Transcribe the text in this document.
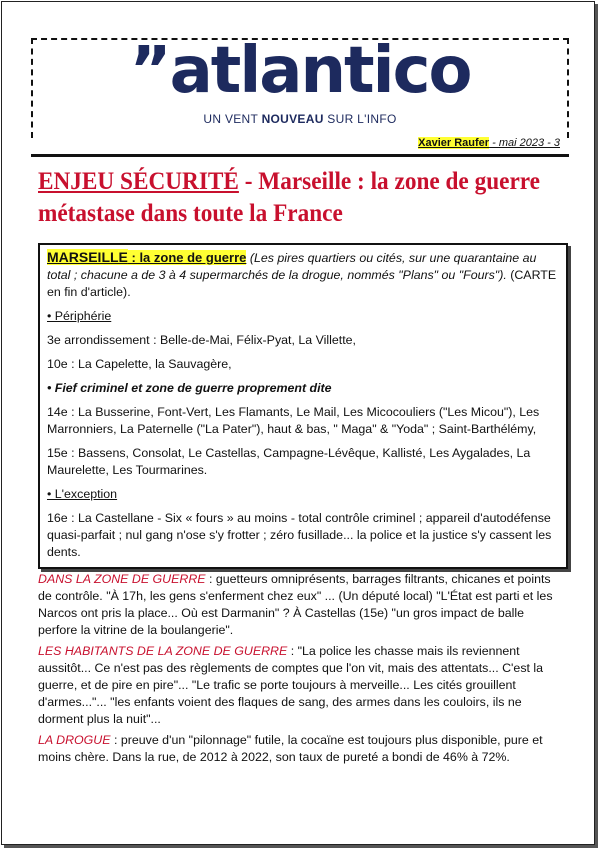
”atlantico
UN VENT NOUVEAU SUR L'INFO
Xavier Raufer - mai 2023 - 3
ENJEU SÉCURITÉ - Marseille : la zone de guerre métastase dans toute la France

MARSEILLE : la zone de guerre (Les pires quartiers ou cités, sur une quarantaine au total ; chacune a de 3 à 4 supermarchés de la drogue, nommés "Plans" ou "Fours"). (CARTE en fin d'article).

• Périphérie

3e arrondissement : Belle-de-Mai, Félix-Pyat, La Villette,

10e : La Capelette, la Sauvagère,

• Fief criminel et zone de guerre proprement dite

14e : La Busserine, Font-Vert, Les Flamants, Le Mail, Les Micocouliers ("Les Micou"), Les Marronniers, La Paternelle ("La Pater"), haut & bas, " Maga" & "Yoda" ; Saint-Barthélémy,

15e : Bassens, Consolat, Le Castellas, Campagne-Lévêque, Kallisté, Les Aygalades, La Maurelette, Les Tourmarines.

• L'exception

16e : La Castellane - Six « fours » au moins - total contrôle criminel ; appareil d'autodéfense quasi-parfait ; nul gang n'ose s'y frotter ; zéro fusillade... la police et la justice s'y cassent les dents.

DANS LA ZONE DE GUERRE : guetteurs omniprésents, barrages filtrants, chicanes et points de contrôle. "À 17h, les gens s'enferment chez eux" ... (Un député local) "L'État est parti et les Narcos ont pris la place... Où est Darmanin" ? À Castellas (15e) "un gros impact de balle perfore la vitrine de la boulangerie".

LES HABITANTS DE LA ZONE DE GUERRE : "La police les chasse mais ils reviennent aussitôt... Ce n'est pas des règlements de comptes que l'on vit, mais des attentats... C'est la guerre, et de pire en pire"... "Le trafic se porte toujours à merveille... Les cités grouillent d'armes..."... "les enfants voient des flaques de sang, des armes dans les couloirs, ils ne dorment plus la nuit"...

LA DROGUE : preuve d'un "pilonnage" futile, la cocaïne est toujours plus disponible, pure et moins chère. Dans la rue, de 2012 à 2022, son taux de pureté a bondi de 46% à 72%.
